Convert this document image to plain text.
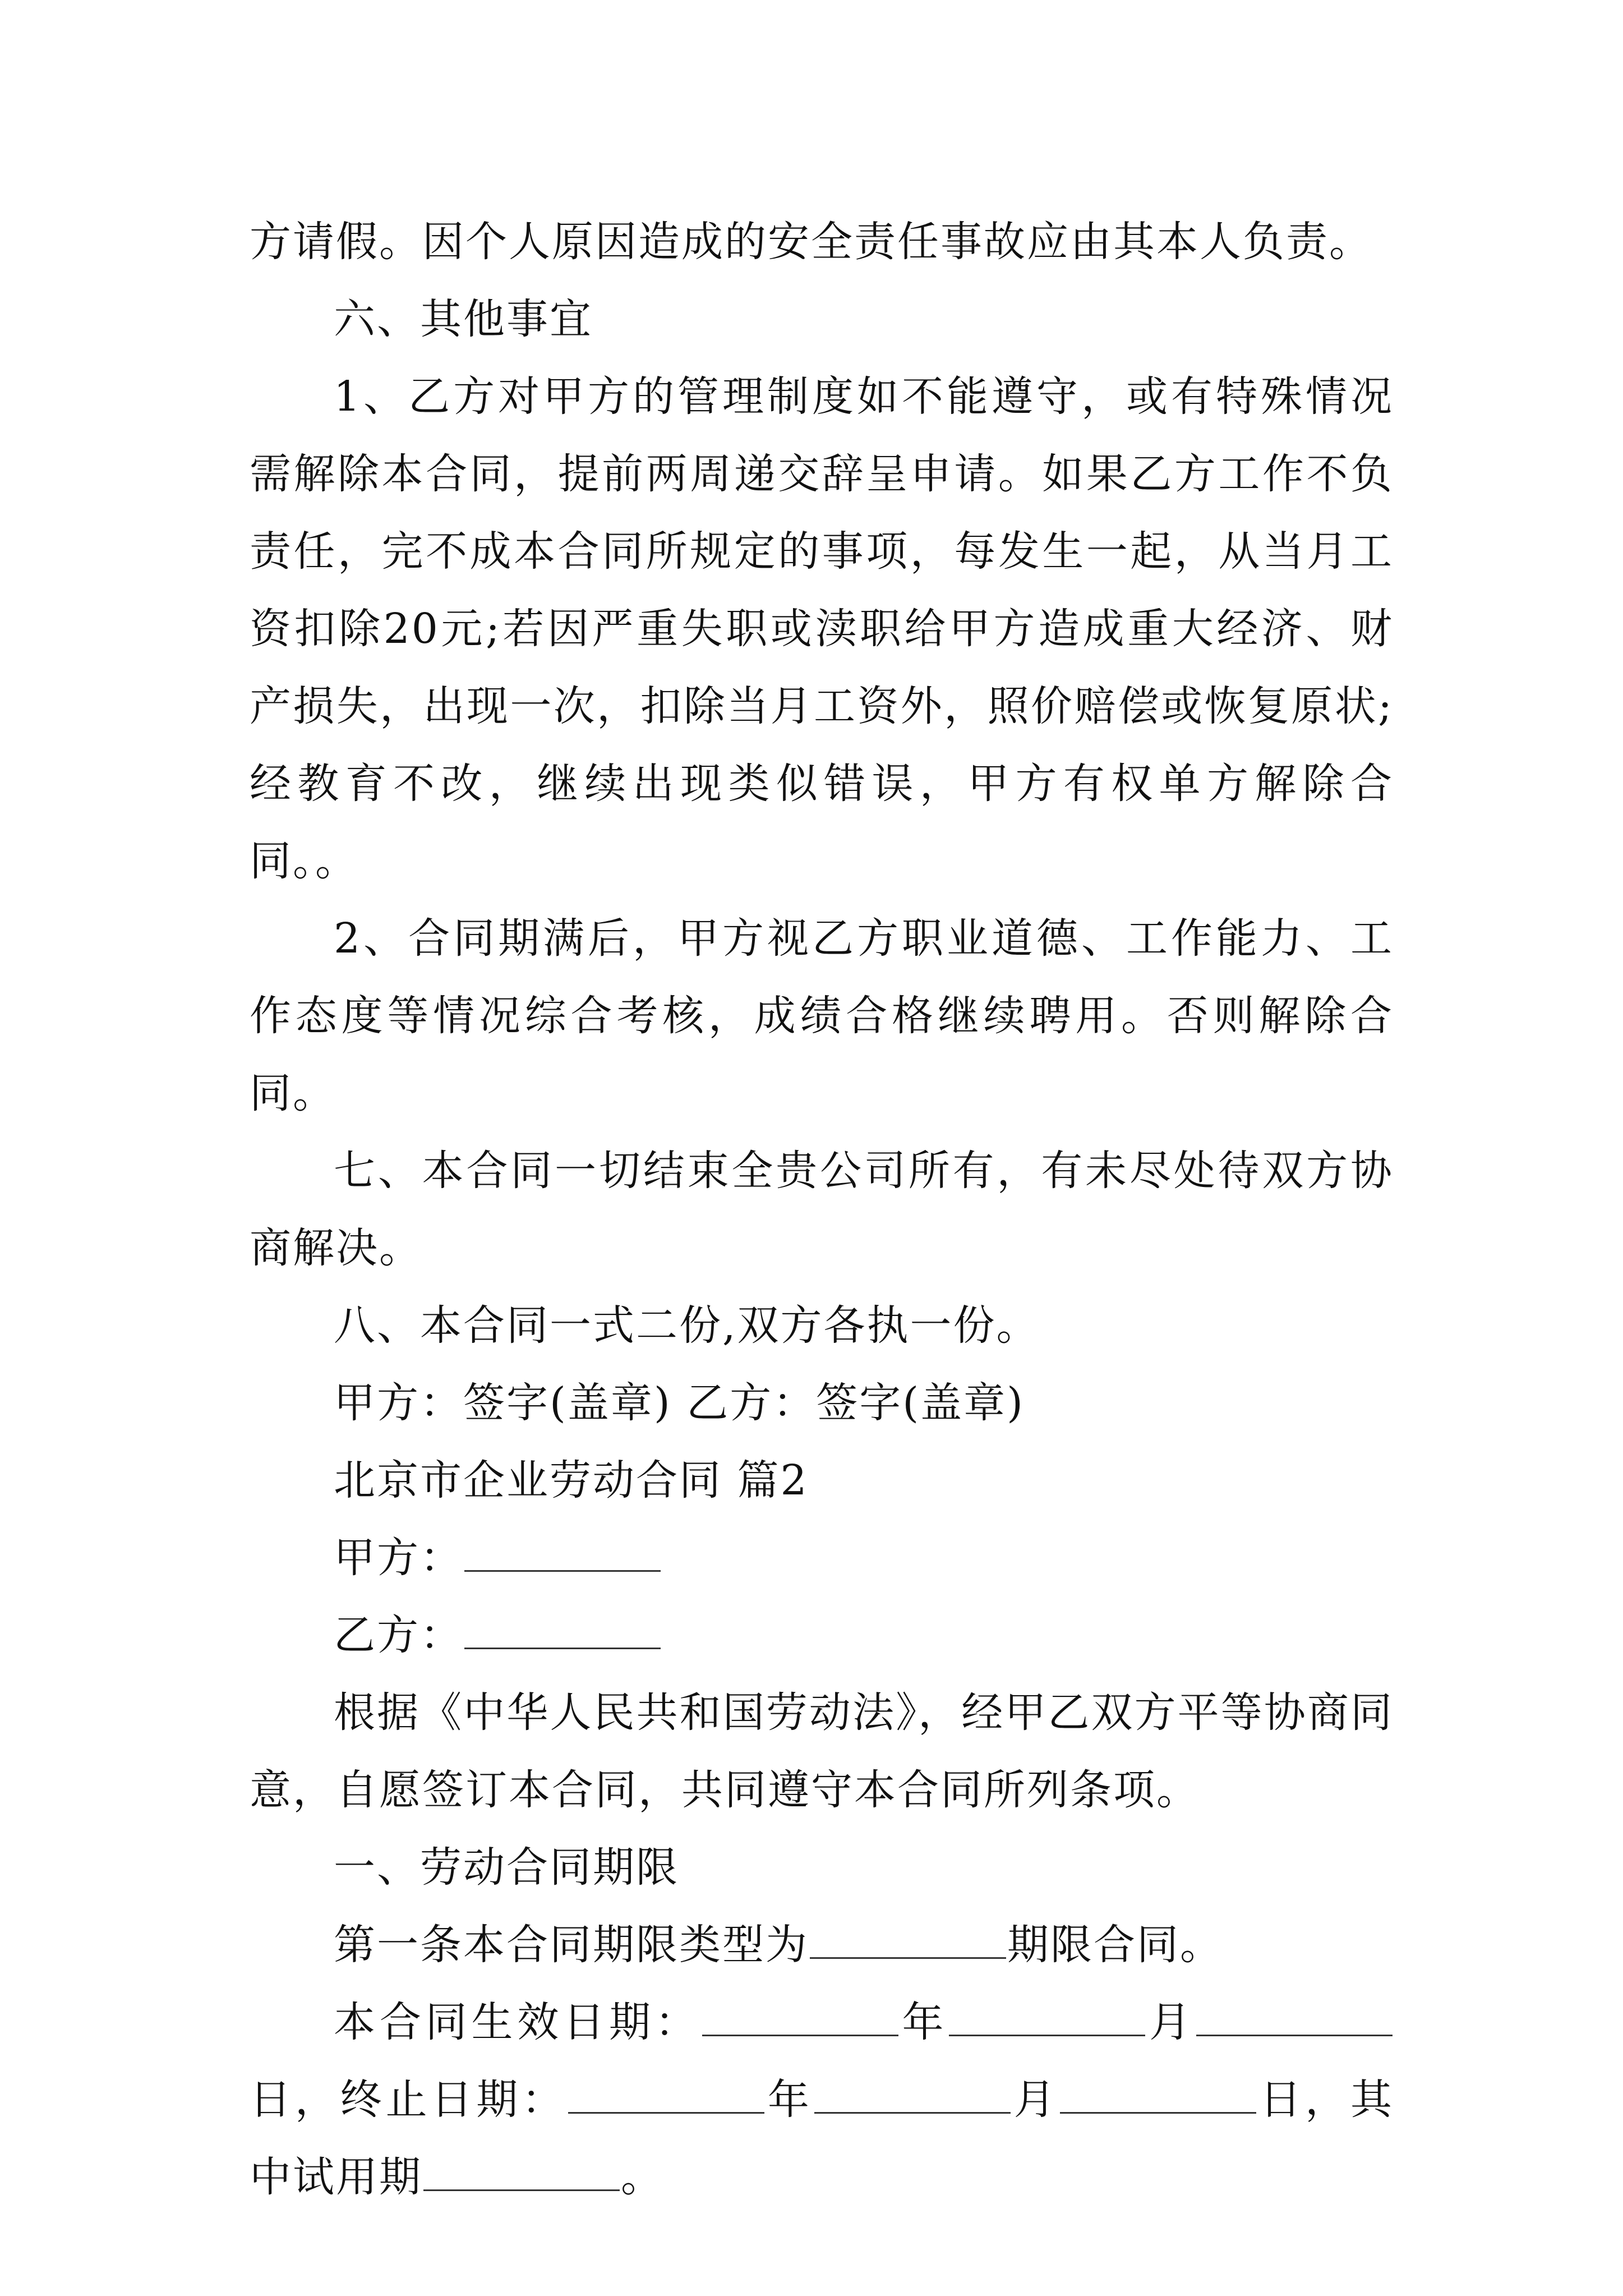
方请假。因个人原因造成的安全责任事故应由其本人负责。

六、其他事宜

1、乙方对甲方的管理制度如不能遵守，或有特殊情况需解除本合同，提前两周递交辞呈申请。如果乙方工作不负责任，完不成本合同所规定的事项，每发生一起，从当月工资扣除20元;若因严重失职或渎职给甲方造成重大经济、财产损失，出现一次，扣除当月工资外，照价赔偿或恢复原状;经教育不改，继续出现类似错误，甲方有权单方解除合同。。

2、合同期满后，甲方视乙方职业道德、工作能力、工作态度等情况综合考核，成绩合格继续聘用。否则解除合同。

七、本合同一切结束全贵公司所有，有未尽处待双方协商解决。

八、本合同一式二份,双方各执一份。

甲方：签字(盖章) 乙方：签字(盖章)

北京市企业劳动合同 篇2

甲方：

乙方：

根据《中华人民共和国劳动法》，经甲乙双方平等协商同意，自愿签订本合同，共同遵守本合同所列条项。

一、劳动合同期限

第一条本合同期限类型为	期限合同。

本合同生效日期：	年	月日，终止日期：	年	月	日，其中试用期	。
